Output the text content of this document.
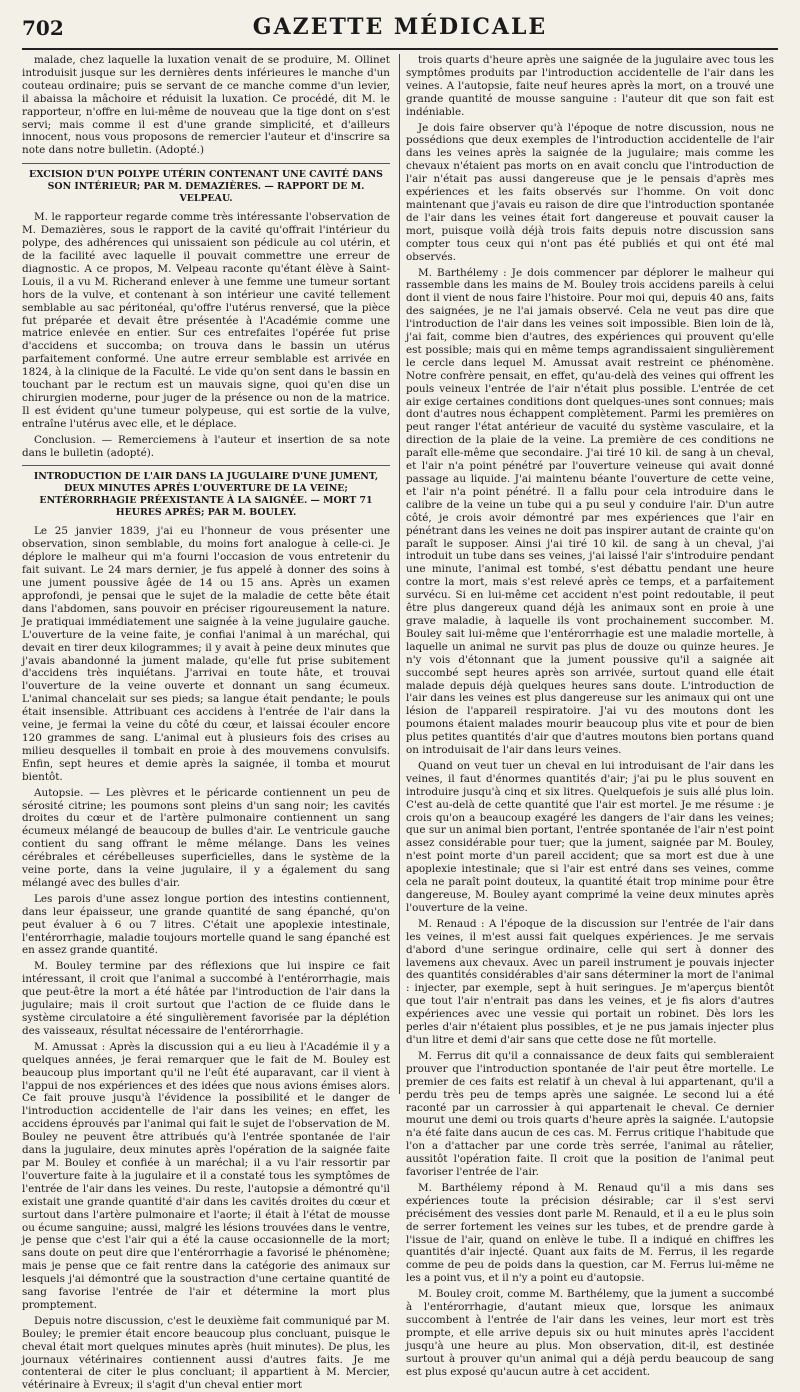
702	GAZETTE MÉDICALE

malade, chez laquelle la luxation venait de se produire, M. Ollinet introduisit jusque sur les dernières dents inférieures le manche d'un couteau ordinaire; puis se servant de ce manche comme d'un levier, il abaissa la mâchoire et réduisit la luxation. Ce procédé, dit M. le rapporteur, n'offre en lui-même de nouveau que la tige dont on s'est servi; mais comme il est d'une grande simplicité, et d'ailleurs innocent, nous vous proposons de remercier l'auteur et d'inscrire sa note dans notre bulletin. (Adopté.)

EXCISION D'UN POLYPE UTÉRIN CONTENANT UNE CAVITÉ DANS SON INTÉRIEUR; PAR M. DEMAZIÈRES. — RAPPORT DE M. VELPEAU.

M. le rapporteur regarde comme très intéressante l'observation de M. Demazières, sous le rapport de la cavité qu'offrait l'intérieur du polype, des adhérences qui unissaient son pédicule au col utérin, et de la facilité avec laquelle il pouvait commettre une erreur de diagnostic. A ce propos, M. Velpeau raconte qu'étant élève à Saint-Louis, il a vu M. Richerand enlever à une femme une tumeur sortant hors de la vulve, et contenant à son intérieur une cavité tellement semblable au sac péritonéal, qu'offre l'utérus renversé, que la pièce fut préparée et devait être présentée à l'Académie comme une matrice enlevée en entier. Sur ces entrefaites l'opérée fut prise d'accidens et succomba; on trouva dans le bassin un utérus parfaitement conformé. Une autre erreur semblable est arrivée en 1824, à la clinique de la Faculté. Le vide qu'on sent dans le bassin en touchant par le rectum est un mauvais signe, quoi qu'en dise un chirurgien moderne, pour juger de la présence ou non de la matrice. Il est évident qu'une tumeur polypeuse, qui est sortie de la vulve, entraîne l'utérus avec elle, et le déplace.

Conclusion. — Remerciemens à l'auteur et insertion de sa note dans le bulletin (adopté).

INTRODUCTION DE L'AIR DANS LA JUGULAIRE D'UNE JUMENT, DEUX MINUTES APRÈS L'OUVERTURE DE LA VEINE; ENTÉRORRHAGIE PRÉEXISTANTE À LA SAIGNÉE. — MORT 71 HEURES APRÈS; PAR M. BOULEY.

Le 25 janvier 1839, j'ai eu l'honneur de vous présenter une observation, sinon semblable, du moins fort analogue à celle-ci. Je déplore le malheur qui m'a fourni l'occasion de vous entretenir du fait suivant. Le 24 mars dernier, je fus appelé à donner des soins à une jument poussive âgée de 14 ou 15 ans. Après un examen approfondi, je pensai que le sujet de la maladie de cette bête était dans l'abdomen, sans pouvoir en préciser rigoureusement la nature. Je pratiquai immédiatement une saignée à la veine jugulaire gauche. L'ouverture de la veine faite, je confiai l'animal à un maréchal, qui devait en tirer deux kilogrammes; il y avait à peine deux minutes que j'avais abandonné la jument malade, qu'elle fut prise subitement d'accidens très inquiétans. J'arrivai en toute hâte, et trouvai l'ouverture de la veine ouverte et donnant un sang écumeux. L'animal chancelait sur ses pieds; sa langue était pendante; le pouls était insensible. Attribuant ces accidens à l'entrée de l'air dans la veine, je fermai la veine du côté du cœur, et laissai écouler encore 120 grammes de sang. L'animal eut à plusieurs fois des crises au milieu desquelles il tombait en proie à des mouvemens convulsifs. Enfin, sept heures et demie après la saignée, il tomba et mourut bientôt.

Autopsie. — Les plèvres et le péricarde contiennent un peu de sérosité citrine; les poumons sont pleins d'un sang noir; les cavités droites du cœur et de l'artère pulmonaire contiennent un sang écumeux mélangé de beaucoup de bulles d'air. Le ventricule gauche contient du sang offrant le même mélange. Dans les veines cérébrales et cérébelleuses superficielles, dans le système de la veine porte, dans la veine jugulaire, il y a également du sang mélangé avec des bulles d'air.

Les parois d'une assez longue portion des intestins contiennent, dans leur épaisseur, une grande quantité de sang épanché, qu'on peut évaluer à 6 ou 7 litres. C'était une apoplexie intestinale, l'entérorrhagie, maladie toujours mortelle quand le sang épanché est en assez grande quantité.

M. Bouley termine par des réflexions que lui inspire ce fait intéressant, il croit que l'animal a succombé à l'entérorrhagie, mais que peut-être la mort a été hâtée par l'introduction de l'air dans la jugulaire; mais il croit surtout que l'action de ce fluide dans le système circulatoire a été singulièrement favorisée par la déplétion des vaisseaux, résultat nécessaire de l'entérorrhagie.

M. Amussat : Après la discussion qui a eu lieu à l'Académie il y a quelques années, je ferai remarquer que le fait de M. Bouley est beaucoup plus important qu'il ne l'eût été auparavant, car il vient à l'appui de nos expériences et des idées que nous avions émises alors. Ce fait prouve jusqu'à l'évidence la possibilité et le danger de l'introduction accidentelle de l'air dans les veines; en effet, les accidens éprouvés par l'animal qui fait le sujet de l'observation de M. Bouley ne peuvent être attribués qu'à l'entrée spontanée de l'air dans la jugulaire, deux minutes après l'opération de la saignée faite par M. Bouley et confiée à un maréchal; il a vu l'air ressortir par l'ouverture faite à la jugulaire et il a constaté tous les symptômes de l'entrée de l'air dans les veines. Du reste, l'autopsie a démontré qu'il existait une grande quantité d'air dans les cavités droites du cœur et surtout dans l'artère pulmonaire et l'aorte; il était à l'état de mousse ou écume sanguine; aussi, malgré les lésions trouvées dans le ventre, je pense que c'est l'air qui a été la cause occasionnelle de la mort; sans doute on peut dire que l'entérorrhagie a favorisé le phénomène; mais je pense que ce fait rentre dans la catégorie des animaux sur lesquels j'ai démontré que la soustraction d'une certaine quantité de sang favorise l'entrée de l'air et détermine la mort plus promptement.

Depuis notre discussion, c'est le deuxième fait communiqué par M. Bouley; le premier était encore beaucoup plus concluant, puisque le cheval était mort quelques minutes après (huit minutes). De plus, les journaux vétérinaires contiennent aussi d'autres faits. Je me contenterai de citer le plus concluant; il appartient à M. Mercier, vétérinaire à Evreux; il s'agit d'un cheval entier mort

trois quarts d'heure après une saignée de la jugulaire avec tous les symptômes produits par l'introduction accidentelle de l'air dans les veines. A l'autopsie, faite neuf heures après la mort, on a trouvé une grande quantité de mousse sanguine : l'auteur dit que son fait est indéniable.

Je dois faire observer qu'à l'époque de notre discussion, nous ne possédions que deux exemples de l'introduction accidentelle de l'air dans les veines après la saignée de la jugulaire; mais comme les chevaux n'étaient pas morts on en avait conclu que l'introduction de l'air n'était pas aussi dangereuse que je le pensais d'après mes expériences et les faits observés sur l'homme. On voit donc maintenant que j'avais eu raison de dire que l'introduction spontanée de l'air dans les veines était fort dangereuse et pouvait causer la mort, puisque voilà déjà trois faits depuis notre discussion sans compter tous ceux qui n'ont pas été publiés et qui ont été mal observés.

M. Barthélemy : Je dois commencer par déplorer le malheur qui rassemble dans les mains de M. Bouley trois accidens pareils à celui dont il vient de nous faire l'histoire. Pour moi qui, depuis 40 ans, faits des saignées, je ne l'ai jamais observé. Cela ne veut pas dire que l'introduction de l'air dans les veines soit impossible. Bien loin de là, j'ai fait, comme bien d'autres, des expériences qui prouvent qu'elle est possible; mais qui en même temps agrandissaient singulièrement le cercle dans lequel M. Amussat avait restreint ce phénomène. Notre confrère pensait, en effet, qu'au-delà des veines qui offrent les pouls veineux l'entrée de l'air n'était plus possible. L'entrée de cet air exige certaines conditions dont quelques-unes sont connues; mais dont d'autres nous échappent complètement. Parmi les premières on peut ranger l'état antérieur de vacuité du système vasculaire, et la direction de la plaie de la veine. La première de ces conditions ne paraît elle-même que secondaire. J'ai tiré 10 kil. de sang à un cheval, et l'air n'a point pénétré par l'ouverture veineuse qui avait donné passage au liquide. J'ai maintenu béante l'ouverture de cette veine, et l'air n'a point pénétré. Il a fallu pour cela introduire dans le calibre de la veine un tube qui a pu seul y conduire l'air. D'un autre côté, je crois avoir démontré par mes expériences que l'air en pénétrant dans les veines ne doit pas inspirer autant de crainte qu'on paraît le supposer. Ainsi j'ai tiré 10 kil. de sang à un cheval, j'ai introduit un tube dans ses veines, j'ai laissé l'air s'introduire pendant une minute, l'animal est tombé, s'est débattu pendant une heure contre la mort, mais s'est relevé après ce temps, et a parfaitement survécu. Si en lui-même cet accident n'est point redoutable, il peut être plus dangereux quand déjà les animaux sont en proie à une grave maladie, à laquelle ils vont prochainement succomber. M. Bouley sait lui-même que l'entérorrhagie est une maladie mortelle, à laquelle un animal ne survit pas plus de douze ou quinze heures. Je n'y vois d'étonnant que la jument poussive qu'il a saignée ait succombé sept heures après son arrivée, surtout quand elle était malade depuis déjà quelques heures sans doute. L'introduction de l'air dans les veines est plus dangereuse sur les animaux qui ont une lésion de l'appareil respiratoire. J'ai vu des moutons dont les poumons étaient malades mourir beaucoup plus vite et pour de bien plus petites quantités d'air que d'autres moutons bien portans quand on introduisait de l'air dans leurs veines.

Quand on veut tuer un cheval en lui introduisant de l'air dans les veines, il faut d'énormes quantités d'air; j'ai pu le plus souvent en introduire jusqu'à cinq et six litres. Quelquefois je suis allé plus loin. C'est au-delà de cette quantité que l'air est mortel. Je me résume : je crois qu'on a beaucoup exagéré les dangers de l'air dans les veines; que sur un animal bien portant, l'entrée spontanée de l'air n'est point assez considérable pour tuer; que la jument, saignée par M. Bouley, n'est point morte d'un pareil accident; que sa mort est due à une apoplexie intestinale; que si l'air est entré dans ses veines, comme cela ne paraît point douteux, la quantité était trop minime pour être dangereuse, M. Bouley ayant comprimé la veine deux minutes après l'ouverture de la veine.

M. Renaud : A l'époque de la discussion sur l'entrée de l'air dans les veines, il m'est aussi fait quelques expériences. Je me servais d'abord d'une seringue ordinaire, celle qui sert à donner des lavemens aux chevaux. Avec un pareil instrument je pouvais injecter des quantités considérables d'air sans déterminer la mort de l'animal : injecter, par exemple, sept à huit seringues. Je m'aperçus bientôt que tout l'air n'entrait pas dans les veines, et je fis alors d'autres expériences avec une vessie qui portait un robinet. Dès lors les perles d'air n'étaient plus possibles, et je ne pus jamais injecter plus d'un litre et demi d'air sans que cette dose ne fût mortelle.

M. Ferrus dit qu'il a connaissance de deux faits qui sembleraient prouver que l'introduction spontanée de l'air peut être mortelle. Le premier de ces faits est relatif à un cheval à lui appartenant, qu'il a perdu très peu de temps après une saignée. Le second lui a été raconté par un carrossier à qui appartenait le cheval. Ce dernier mourut une demi ou trois quarts d'heure après la saignée. L'autopsie n'a été faite dans aucun de ces cas. M. Ferrus critique l'habitude que l'on a d'attacher par une corde très serrée, l'animal au râtelier, aussitôt l'opération faite. Il croit que la position de l'animal peut favoriser l'entrée de l'air.

M. Barthélemy répond à M. Renaud qu'il a mis dans ses expériences toute la précision désirable; car il s'est servi précisément des vessies dont parle M. Renauld, et il a eu le plus soin de serrer fortement les veines sur les tubes, et de prendre garde à l'issue de l'air, quand on enlève le tube. Il a indiqué en chiffres les quantités d'air injecté. Quant aux faits de M. Ferrus, il les regarde comme de peu de poids dans la question, car M. Ferrus lui-même ne les a point vus, et il n'y a point eu d'autopsie.

M. Bouley croit, comme M. Barthélemy, que la jument a succombé à l'entérorrhagie, d'autant mieux que, lorsque les animaux succombent à l'entrée de l'air dans les veines, leur mort est très prompte, et elle arrive depuis six ou huit minutes après l'accident jusqu'à une heure au plus. Mon observation, dit-il, est destinée surtout à prouver qu'un animal qui a déjà perdu beaucoup de sang est plus exposé qu'aucun autre à cet accident.
